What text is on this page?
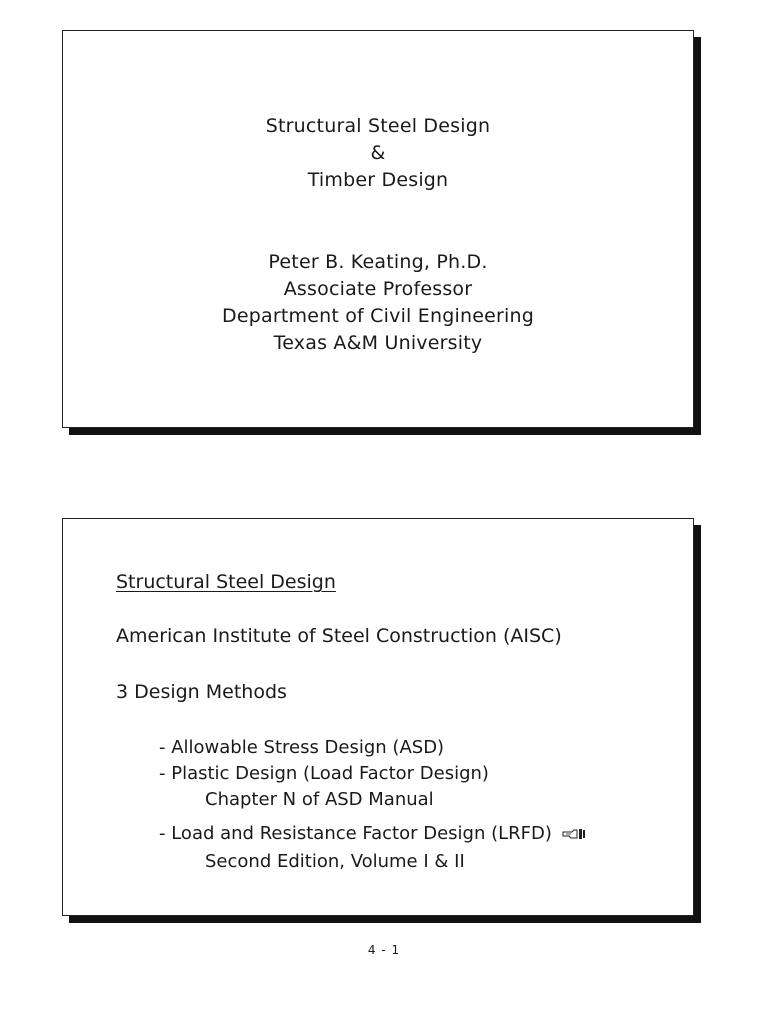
Structural Steel Design
&
Timber Design
Peter B. Keating, Ph.D.
Associate Professor
Department of Civil Engineering
Texas A&M University
Structural Steel Design
American Institute of Steel Construction (AISC)
3 Design Methods
- Allowable Stress Design (ASD)
- Plastic Design (Load Factor Design)
Chapter N of ASD Manual
- Load and Resistance Factor Design (LRFD)
Second Edition, Volume I & II
4 - 1
